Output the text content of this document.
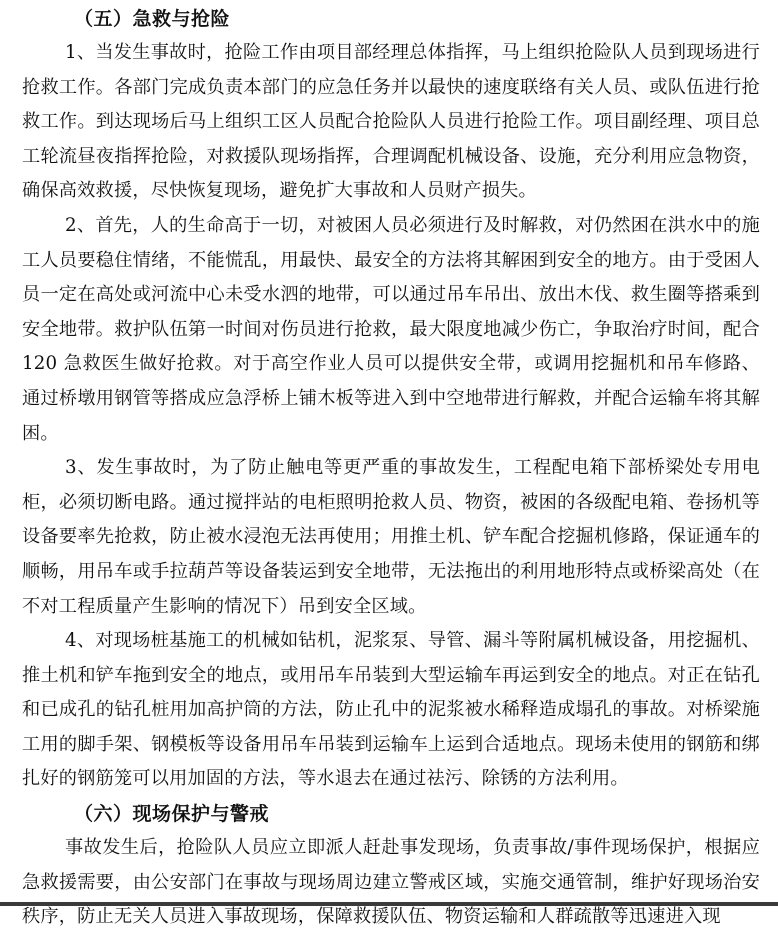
（五）急救与抢险

1、当发生事故时，抢险工作由项目部经理总体指挥，马上组织抢险队人员到现场进行抢救工作。各部门完成负责本部门的应急任务并以最快的速度联络有关人员、或队伍进行抢救工作。到达现场后马上组织工区人员配合抢险队人员进行抢险工作。项目副经理、项目总工轮流昼夜指挥抢险，对救援队现场指挥，合理调配机械设备、设施，充分利用应急物资，确保高效救援，尽快恢复现场，避免扩大事故和人员财产损失。

2、首先，人的生命高于一切，对被困人员必须进行及时解救，对仍然困在洪水中的施工人员要稳住情绪，不能慌乱，用最快、最安全的方法将其解困到安全的地方。由于受困人员一定在高处或河流中心未受水泗的地带，可以通过吊车吊出、放出木伐、救生圈等搭乘到安全地带。救护队伍第一时间对伤员进行抢救，最大限度地减少伤亡，争取治疗时间，配合 120 急救医生做好抢救。对于高空作业人员可以提供安全带，或调用挖掘机和吊车修路、通过桥墩用钢管等搭成应急浮桥上铺木板等进入到中空地带进行解救，并配合运输车将其解困。

3、发生事故时，为了防止触电等更严重的事故发生，工程配电箱下部桥梁处专用电柜，必须切断电路。通过搅拌站的电柜照明抢救人员、物资，被困的各级配电箱、卷扬机等设备要率先抢救，防止被水浸泡无法再使用；用推土机、铲车配合挖掘机修路，保证通车的顺畅，用吊车或手拉葫芦等设备装运到安全地带，无法拖出的利用地形特点或桥梁高处（在不对工程质量产生影响的情况下）吊到安全区域。

4、对现场桩基施工的机械如钻机，泥浆泵、导管、漏斗等附属机械设备，用挖掘机、推土机和铲车拖到安全的地点，或用吊车吊装到大型运输车再运到安全的地点。对正在钻孔和已成孔的钻孔桩用加高护筒的方法，防止孔中的泥浆被水稀释造成塌孔的事故。对桥梁施工用的脚手架、钢模板等设备用吊车吊装到运输车上运到合适地点。现场未使用的钢筋和绑扎好的钢筋笼可以用加固的方法，等水退去在通过祛污、除锈的方法利用。

（六）现场保护与警戒

事故发生后，抢险队人员应立即派人赶赴事发现场，负责事故/事件现场保护，根据应急救援需要，由公安部门在事故与现场周边建立警戒区域，实施交通管制，维护好现场治安秩序，防止无关人员进入事故现场，保障救援队伍、物资运输和人群疏散等迅速进入现
